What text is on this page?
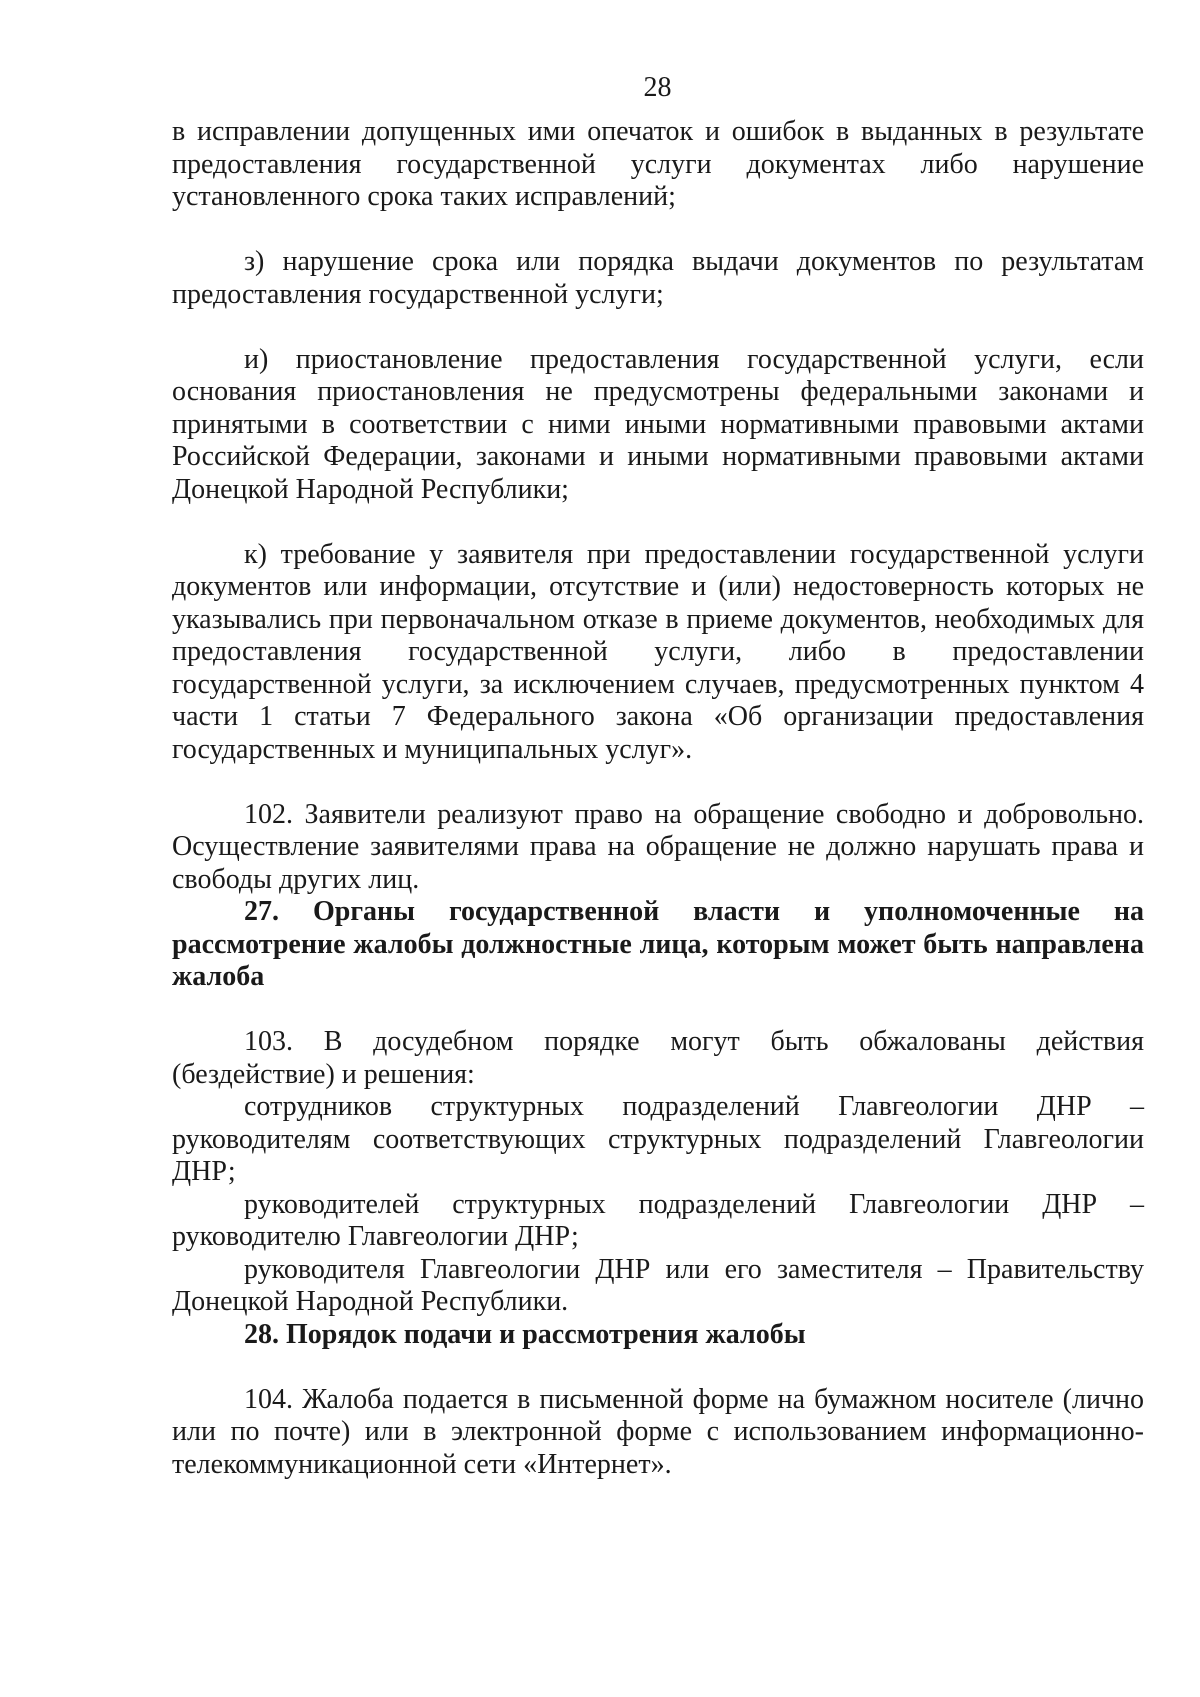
28

в исправлении допущенных ими опечаток и ошибок в выданных в результате предоставления государственной услуги документах либо нарушение установленного срока таких исправлений;

з) нарушение срока или порядка выдачи документов по результатам предоставления государственной услуги;

и) приостановление предоставления государственной услуги, если основания приостановления не предусмотрены федеральными законами и принятыми в соответствии с ними иными нормативными правовыми актами Российской Федерации, законами и иными нормативными правовыми актами Донецкой Народной Республики;

к) требование у заявителя при предоставлении государственной услуги документов или информации, отсутствие и (или) недостоверность которых не указывались при первоначальном отказе в приеме документов, необходимых для предоставления государственной услуги, либо в предоставлении государственной услуги, за исключением случаев, предусмотренных пунктом 4 части 1 статьи 7 Федерального закона «Об организации предоставления государственных и муниципальных услуг».

102. Заявители реализуют право на обращение свободно и добровольно. Осуществление заявителями права на обращение не должно нарушать права и свободы других лиц.

27. Органы государственной власти и уполномоченные на рассмотрение жалобы должностные лица, которым может быть направлена жалоба

103. В досудебном порядке могут быть обжалованы действия (бездействие) и решения:

сотрудников структурных подразделений Главгеологии ДНР – руководителям соответствующих структурных подразделений Главгеологии ДНР;

руководителей структурных подразделений Главгеологии ДНР – руководителю Главгеологии ДНР;

руководителя Главгеологии ДНР или его заместителя – Правительству Донецкой Народной Республики.

28. Порядок подачи и рассмотрения жалобы

104. Жалоба подается в письменной форме на бумажном носителе (лично или по почте) или в электронной форме с использованием информационно-телекоммуникационной сети «Интернет».
